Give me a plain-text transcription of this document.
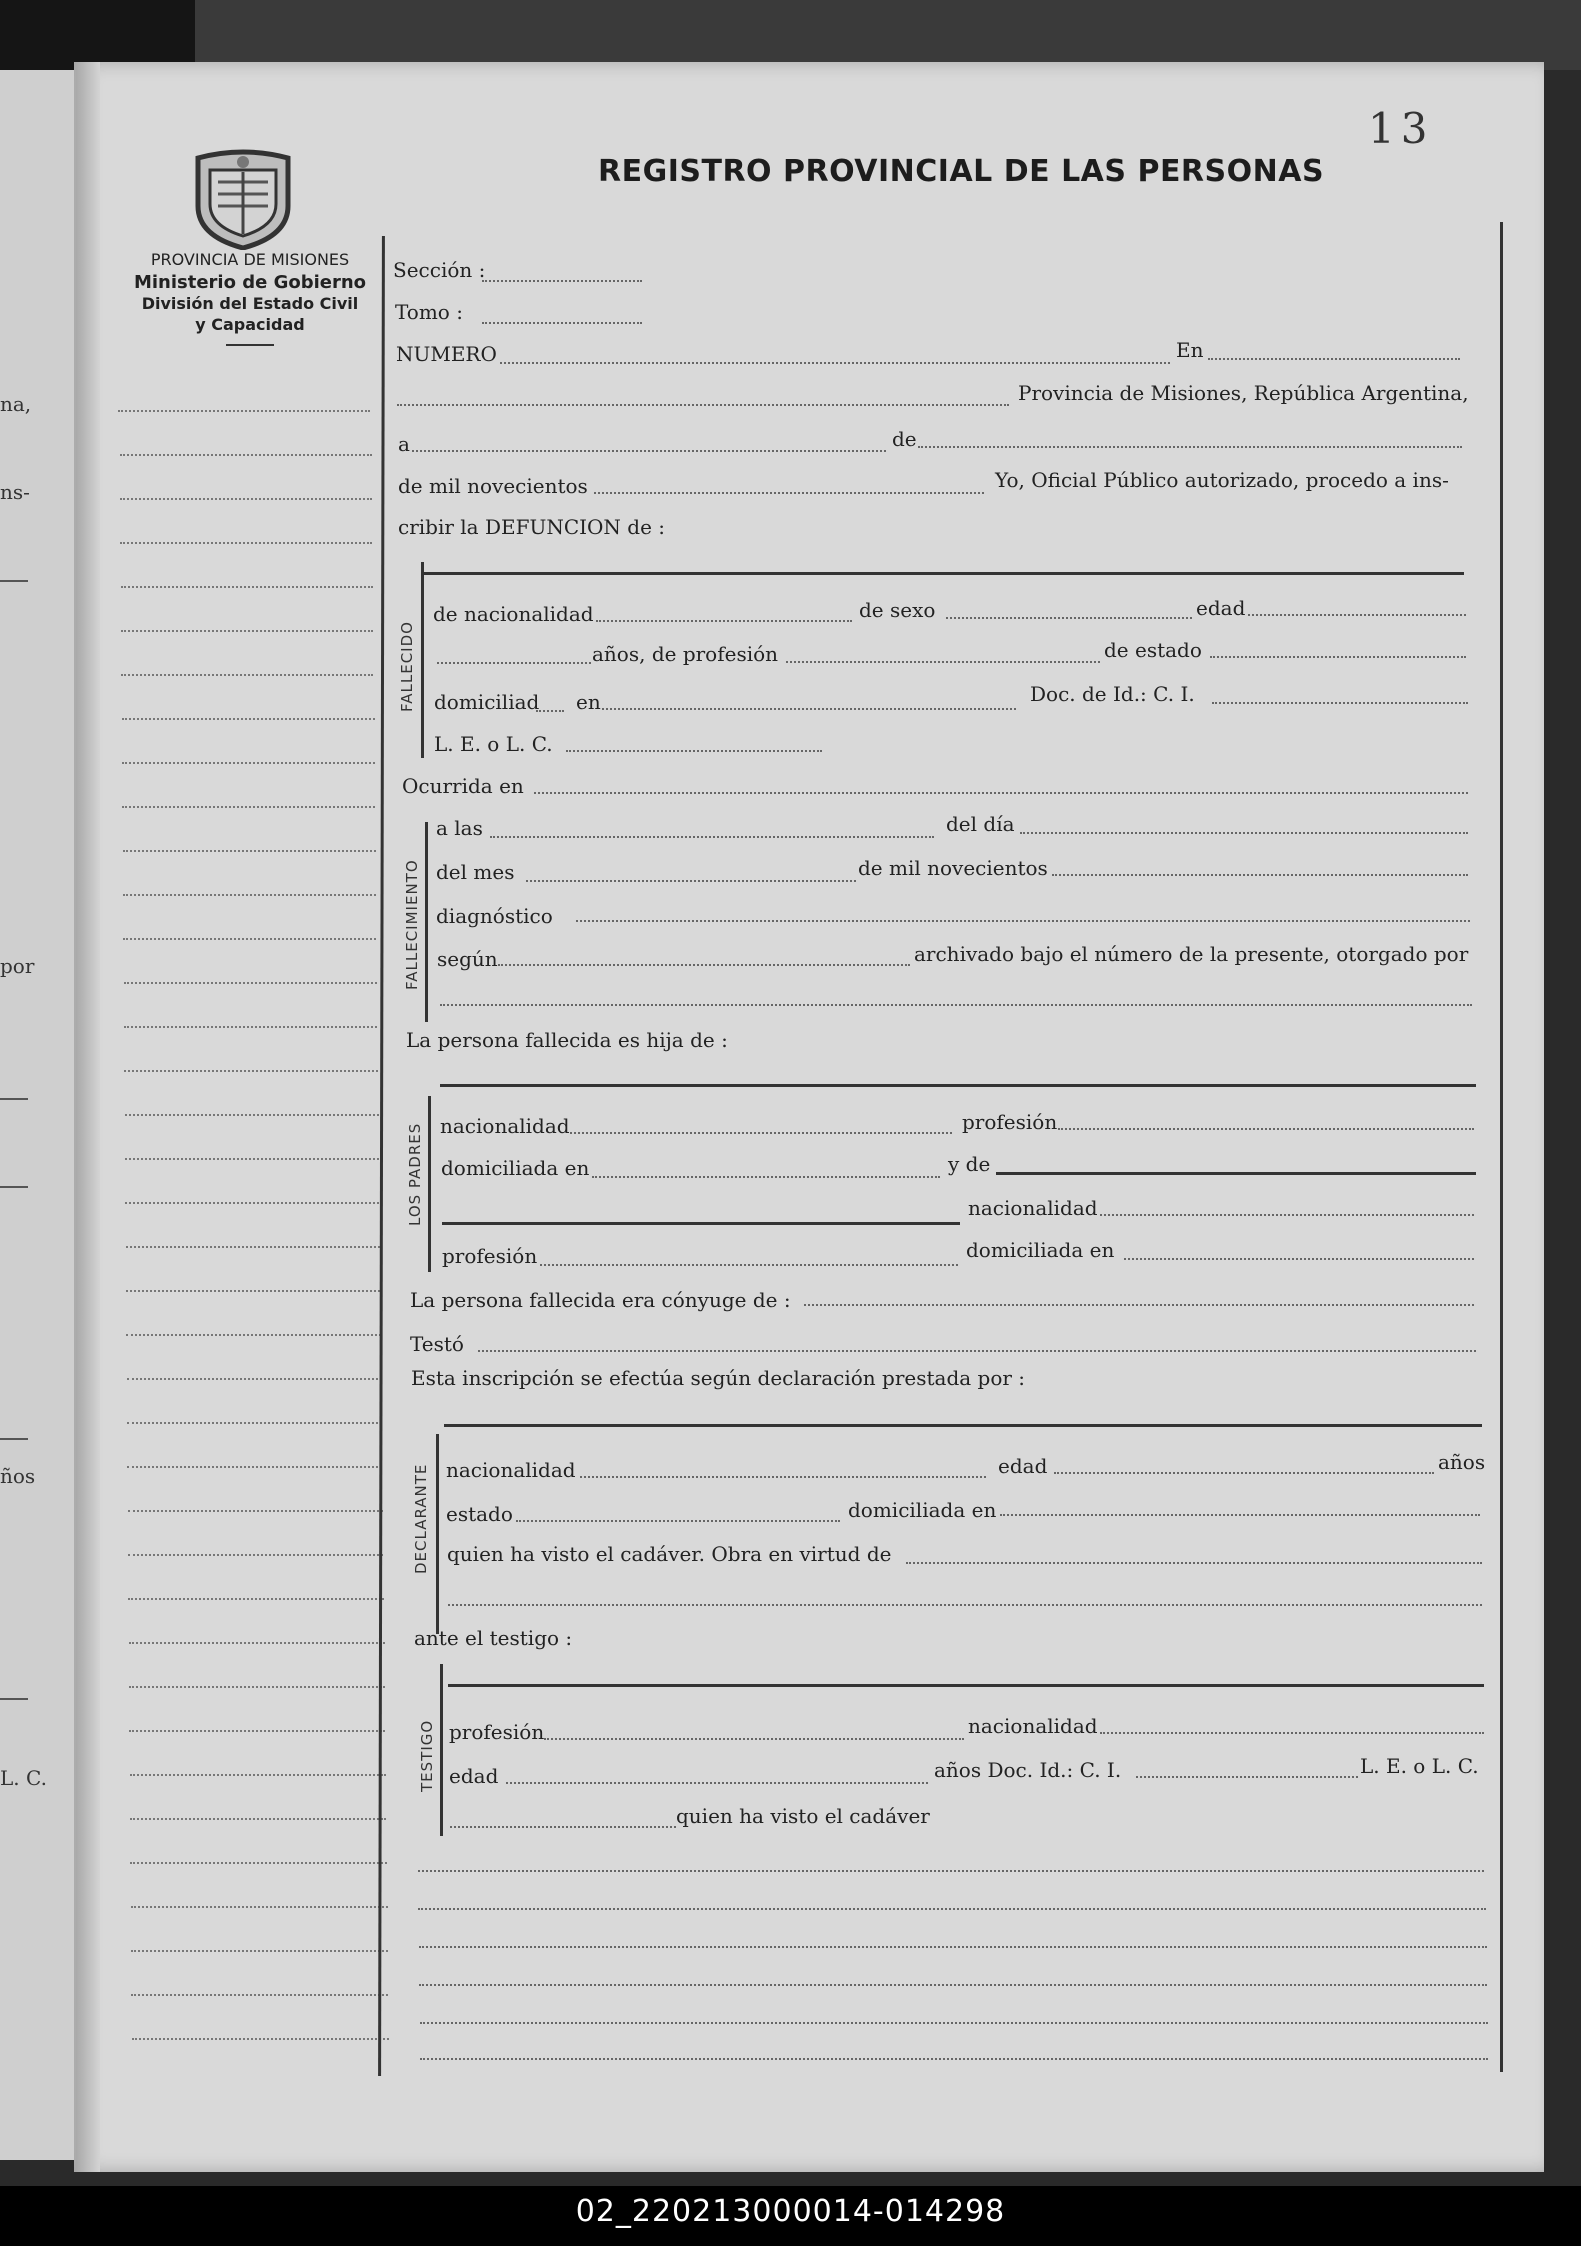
na,
ns-
por
ños
L. C.
13
REGISTRO PROVINCIAL DE LAS PERSONAS
PROVINCIA DE MISIONES
Ministerio de Gobierno
División del Estado Civil
y Capacidad
Sección :
Tomo :
NUMERO	En
Provincia de Misiones, República Argentina,
a	de
de mil novecientos	Yo, Oficial Público autorizado, procedo a ins-
cribir la DEFUNCION de :
FALLECIDO
de nacionalidad	de sexo	edad
años, de profesión	de estado
domiciliad en	Doc. de Id.: C. I.
L. E. o L. C.
Ocurrida en
FALLECIMIENTO
a las	del día
del mes	de mil novecientos
diagnóstico
según	archivado bajo el número de la presente, otorgado por
La persona fallecida es hija de :
LOS PADRES nacionalidad	profesión
domiciliada en	y de
nacionalidad
profesión	domiciliada en
La persona fallecida era cónyuge de :
Testó
Esta inscripción se efectúa según declaración prestada por :
DECLARANTE nacionalidad	edad	años
estado	domiciliada en
quien ha visto el cadáver. Obra en virtud de
ante el testigo :
TESTIGO profesión	nacionalidad
edad	años Doc. Id.: C. I.	L. E. o L. C.
quien ha visto el cadáver
02_220213000014-014298
